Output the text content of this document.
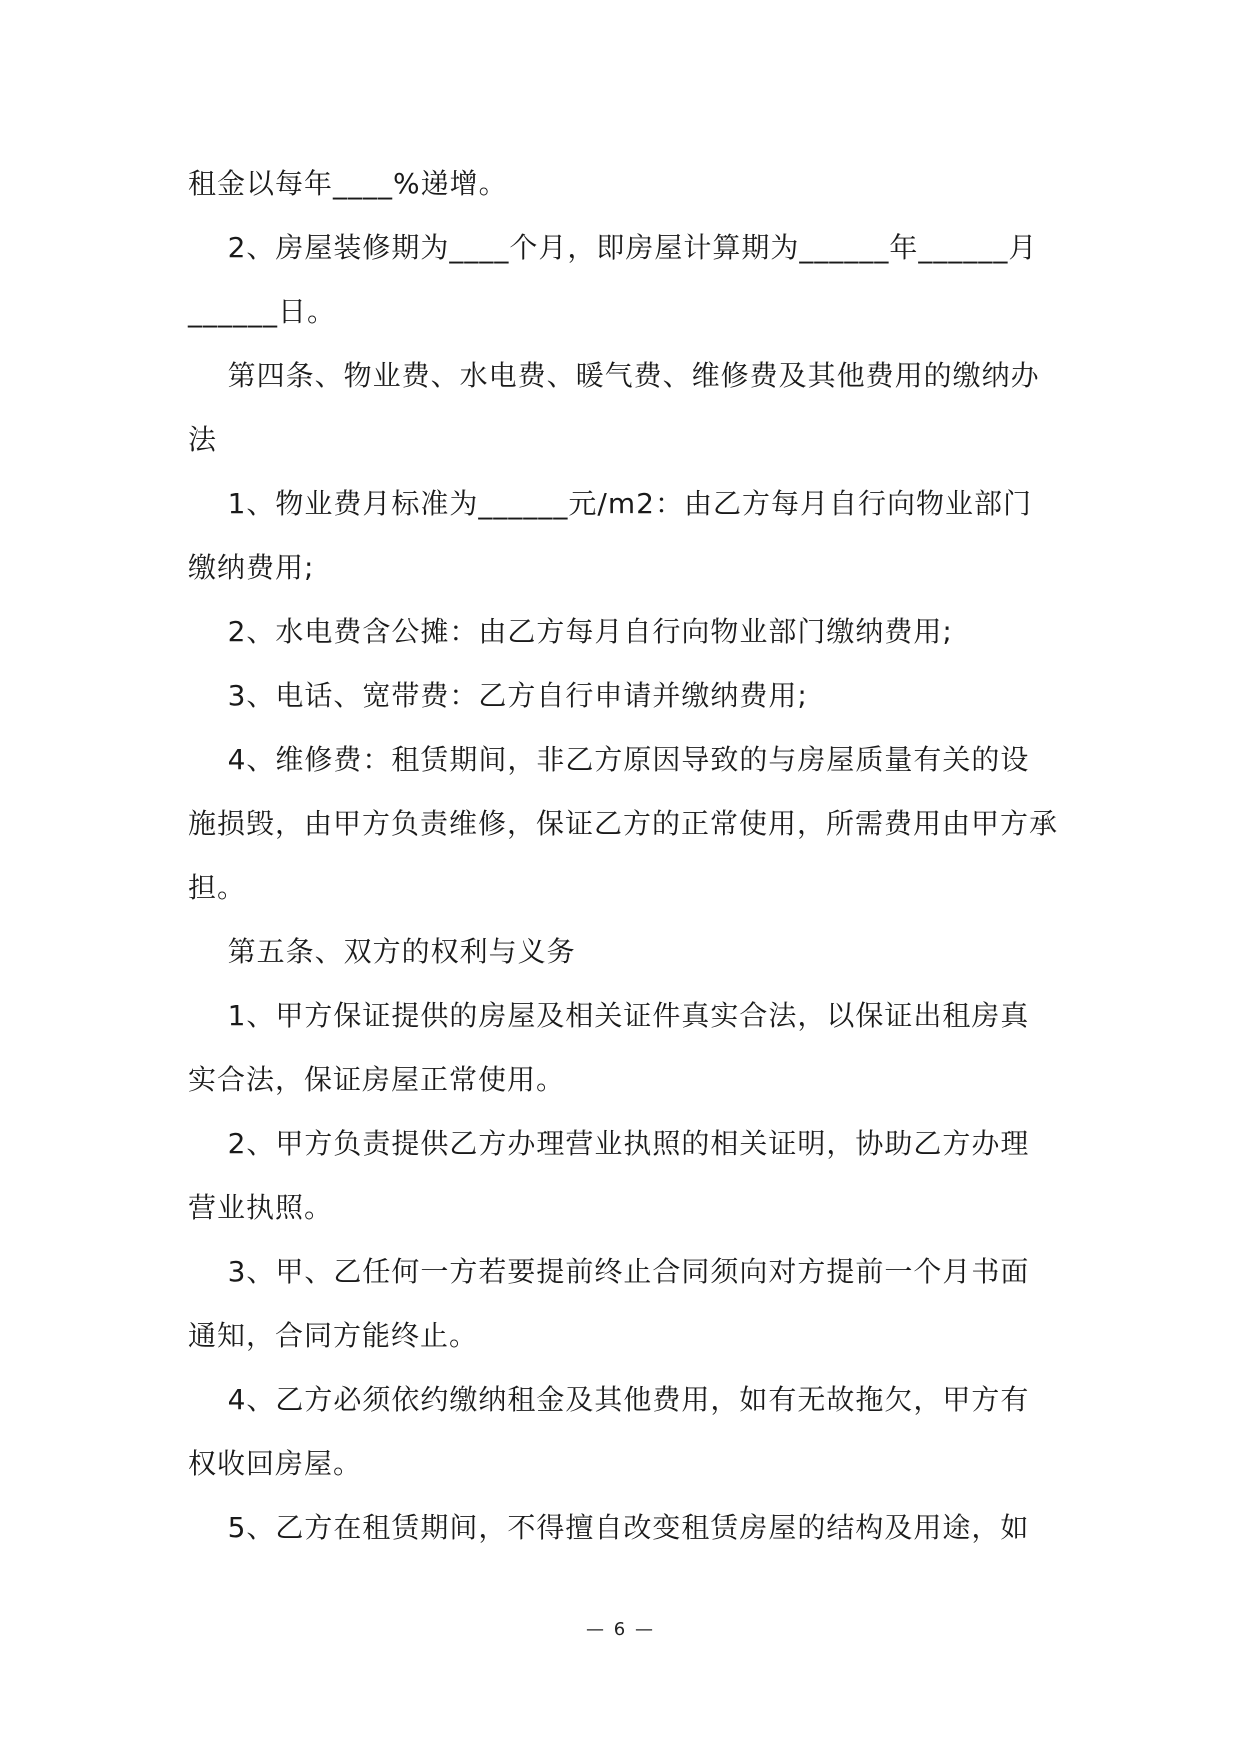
租金以每年____%递增。
2、房屋装修期为____个月，即房屋计算期为______年______月
______日。
第四条、物业费、水电费、暖气费、维修费及其他费用的缴纳办
法
1、物业费月标准为______元/m2：由乙方每月自行向物业部门
缴纳费用;
2、水电费含公摊：由乙方每月自行向物业部门缴纳费用;
3、电话、宽带费：乙方自行申请并缴纳费用;
4、维修费：租赁期间，非乙方原因导致的与房屋质量有关的设
施损毁，由甲方负责维修，保证乙方的正常使用，所需费用由甲方承
担。
第五条、双方的权利与义务
1、甲方保证提供的房屋及相关证件真实合法，以保证出租房真
实合法，保证房屋正常使用。
2、甲方负责提供乙方办理营业执照的相关证明，协助乙方办理
营业执照。
3、甲、乙任何一方若要提前终止合同须向对方提前一个月书面
通知，合同方能终止。
4、乙方必须依约缴纳租金及其他费用，如有无故拖欠，甲方有
权收回房屋。
5、乙方在租赁期间，不得擅自改变租赁房屋的结构及用途，如
— 6 —
